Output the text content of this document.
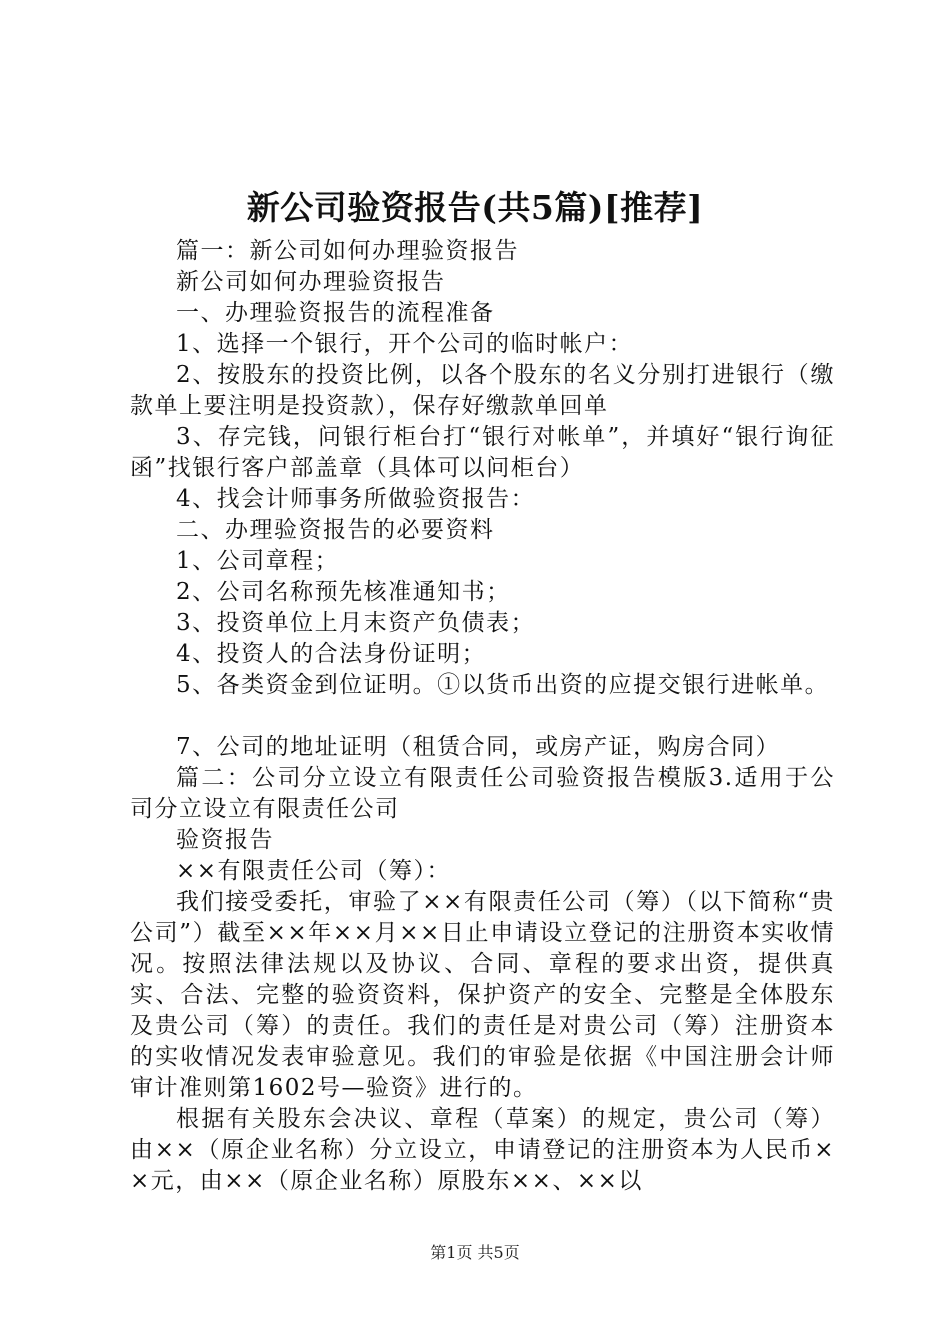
新公司验资报告(共5篇)[推荐]

篇一：新公司如何办理验资报告

新公司如何办理验资报告

一、办理验资报告的流程准备

1、选择一个银行，开个公司的临时帐户：

2、按股东的投资比例，以各个股东的名义分别打进银行（缴款单上要注明是投资款），保存好缴款单回单

3、存完钱，问银行柜台打“银行对帐单”，并填好“银行询征函”找银行客户部盖章（具体可以问柜台）

4、找会计师事务所做验资报告：

二、办理验资报告的必要资料

1、公司章程；

2、公司名称预先核准通知书；

3、投资单位上月末资产负债表；

4、投资人的合法身份证明；

5、各类资金到位证明。①以货币出资的应提交银行进帐单。

7、公司的地址证明（租赁合同，或房产证，购房合同）

篇二：公司分立设立有限责任公司验资报告模版3.适用于公司分立设立有限责任公司

验资报告

××有限责任公司（筹）：

我们接受委托，审验了××有限责任公司（筹）（以下简称“贵公司”）截至××年××月××日止申请设立登记的注册资本实收情况。按照法律法规以及协议、合同、章程的要求出资，提供真实、合法、完整的验资资料，保护资产的安全、完整是全体股东及贵公司（筹）的责任。我们的责任是对贵公司（筹）注册资本的实收情况发表审验意见。我们的审验是依据《中国注册会计师审计准则第1602号—验资》进行的。

根据有关股东会决议、章程（草案）的规定，贵公司（筹）由××（原企业名称）分立设立，申请登记的注册资本为人民币××元，由××（原企业名称）原股东××、××以

第1页 共5页
